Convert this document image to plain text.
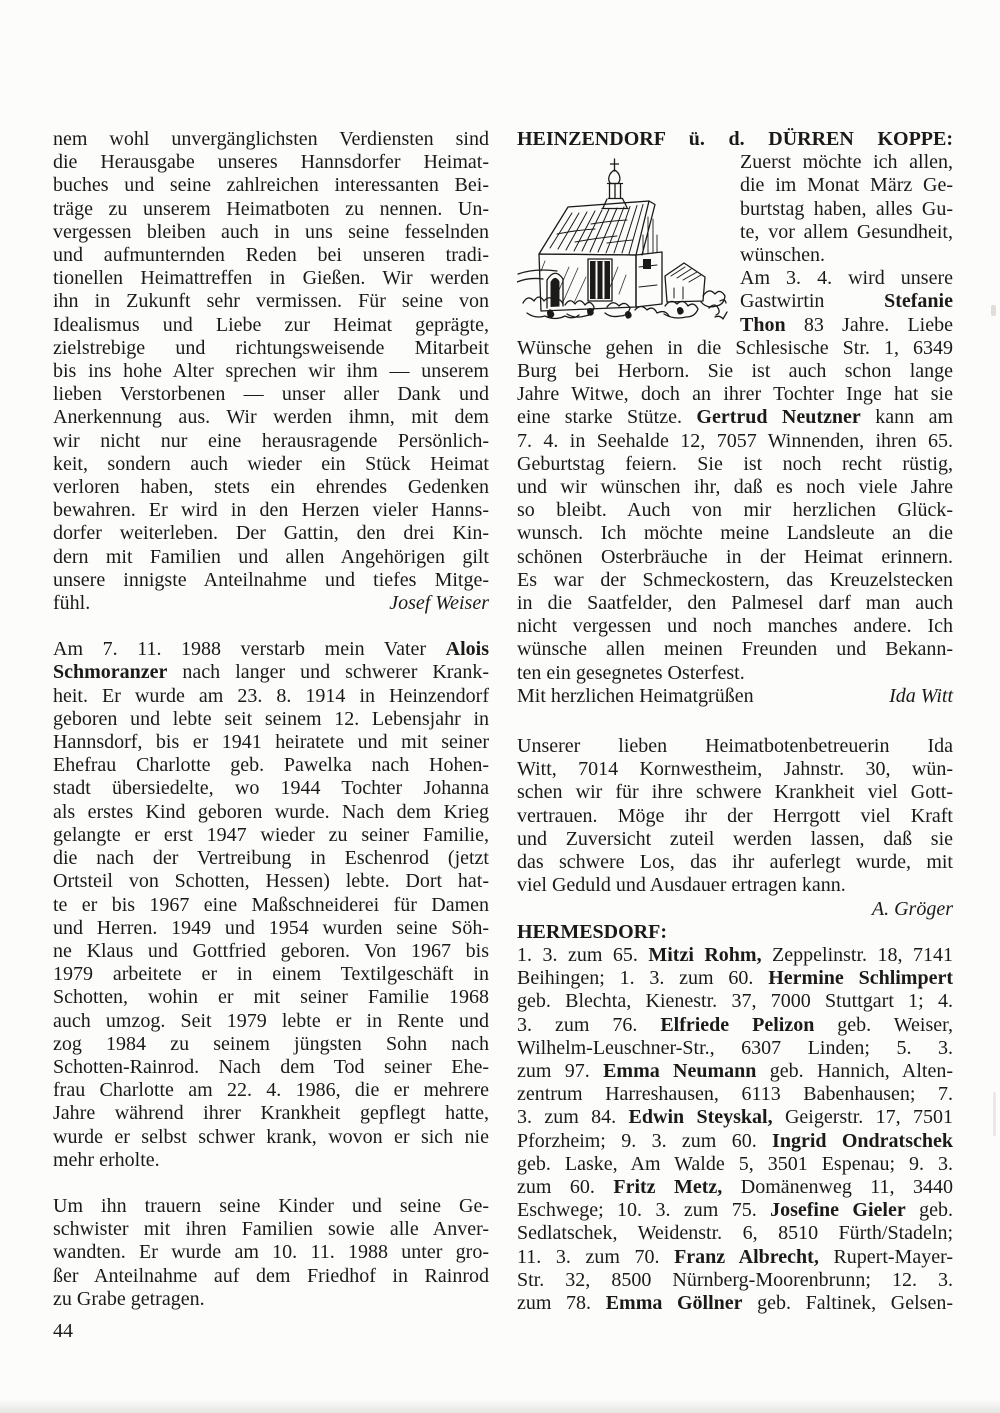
nem wohl unvergänglichsten Verdiensten sind
die Herausgabe unseres Hannsdorfer Heimat-
buches und seine zahlreichen interessanten Bei-
träge zu unserem Heimatboten zu nennen. Un-
vergessen bleiben auch in uns seine fesselnden
und aufmunternden Reden bei unseren tradi-
tionellen Heimattreffen in Gießen. Wir werden
ihn in Zukunft sehr vermissen. Für seine von
Idealismus und Liebe zur Heimat geprägte,
zielstrebige und richtungsweisende Mitarbeit
bis ins hohe Alter sprechen wir ihm — unserem
lieben Verstorbenen — unser aller Dank und
Anerkennung aus. Wir werden ihmn, mit dem
wir nicht nur eine herausragende Persönlich-
keit, sondern auch wieder ein Stück Heimat
verloren haben, stets ein ehrendes Gedenken
bewahren. Er wird in den Herzen vieler Hanns-
dorfer weiterleben. Der Gattin, den drei Kin-
dern mit Familien und allen Angehörigen gilt
unsere innigste Anteilnahme und tiefes Mitge-
fühl.	Josef Weiser
Am 7. 11. 1988 verstarb mein Vater Alois
Schmoranzer nach langer und schwerer Krank-
heit. Er wurde am 23. 8. 1914 in Heinzendorf
geboren und lebte seit seinem 12. Lebensjahr in
Hannsdorf, bis er 1941 heiratete und mit seiner
Ehefrau Charlotte geb. Pawelka nach Hohen-
stadt übersiedelte, wo 1944 Tochter Johanna
als erstes Kind geboren wurde. Nach dem Krieg
gelangte er erst 1947 wieder zu seiner Familie,
die nach der Vertreibung in Eschenrod (jetzt
Ortsteil von Schotten, Hessen) lebte. Dort hat-
te er bis 1967 eine Maßschneiderei für Damen
und Herren. 1949 und 1954 wurden seine Söh-
ne Klaus und Gottfried geboren. Von 1967 bis
1979 arbeitete er in einem Textilgeschäft in
Schotten, wohin er mit seiner Familie 1968
auch umzog. Seit 1979 lebte er in Rente und
zog 1984 zu seinem jüngsten Sohn nach
Schotten-Rainrod. Nach dem Tod seiner Ehe-
frau Charlotte am 22. 4. 1986, die er mehrere
Jahre während ihrer Krankheit gepflegt hatte,
wurde er selbst schwer krank, wovon er sich nie
mehr erholte.
Um ihn trauern seine Kinder und seine Ge-
schwister mit ihren Familien sowie alle Anver-
wandten. Er wurde am 10. 11. 1988 unter gro-
ßer Anteilnahme auf dem Friedhof in Rainrod
zu Grabe getragen.
HEINZENDORF ü. d. DÜRREN KOPPE:
Zuerst möchte ich allen,
die im Monat März Ge-
burtstag haben, alles Gu-
te, vor allem Gesundheit,
wünschen.
Am 3. 4. wird unsere
Gastwirtin	Stefanie
Thon 83 Jahre. Liebe
Wünsche gehen in die Schlesische Str. 1, 6349
Burg bei Herborn. Sie ist auch schon lange
Jahre Witwe, doch an ihrer Tochter Inge hat sie
eine starke Stütze. Gertrud Neutzner kann am
7. 4. in Seehalde 12, 7057 Winnenden, ihren 65.
Geburtstag feiern. Sie ist noch recht rüstig,
und wir wünschen ihr, daß es noch viele Jahre
so bleibt. Auch von mir herzlichen Glück-
wunsch. Ich möchte meine Landsleute an die
schönen Osterbräuche in der Heimat erinnern.
Es war der Schmeckostern, das Kreuzelstecken
in die Saatfelder, den Palmesel darf man auch
nicht vergessen und noch manches andere. Ich
wünsche allen meinen Freunden und Bekann-
ten ein gesegnetes Osterfest.
Mit herzlichen Heimatgrüßen	Ida Witt
Unserer lieben Heimatbotenbetreuerin Ida
Witt, 7014 Kornwestheim, Jahnstr. 30, wün-
schen wir für ihre schwere Krankheit viel Gott-
vertrauen. Möge ihr der Herrgott viel Kraft
und Zuversicht zuteil werden lassen, daß sie
das schwere Los, das ihr auferlegt wurde, mit
viel Geduld und Ausdauer ertragen kann.
A. Gröger
HERMESDORF:
1. 3. zum 65. Mitzi Rohm, Zeppelinstr. 18, 7141
Beihingen; 1. 3. zum 60. Hermine Schlimpert
geb. Blechta, Kienestr. 37, 7000 Stuttgart 1; 4.
3. zum 76. Elfriede Pelizon geb. Weiser,
Wilhelm-Leuschner-Str., 6307 Linden; 5. 3.
zum 97. Emma Neumann geb. Hannich, Alten-
zentrum Harreshausen, 6113 Babenhausen; 7.
3. zum 84. Edwin Steyskal, Geigerstr. 17, 7501
Pforzheim; 9. 3. zum 60. Ingrid Ondratschek
geb. Laske, Am Walde 5, 3501 Espenau; 9. 3.
zum 60. Fritz Metz, Domänenweg 11, 3440
Eschwege; 10. 3. zum 75. Josefine Gieler geb.
Sedlatschek, Weidenstr. 6, 8510 Fürth/Stadeln;
11. 3. zum 70. Franz Albrecht, Rupert-Mayer-
Str. 32, 8500 Nürnberg-Moorenbrunn; 12. 3.
zum 78. Emma Göllner geb. Faltinek, Gelsen-
44
